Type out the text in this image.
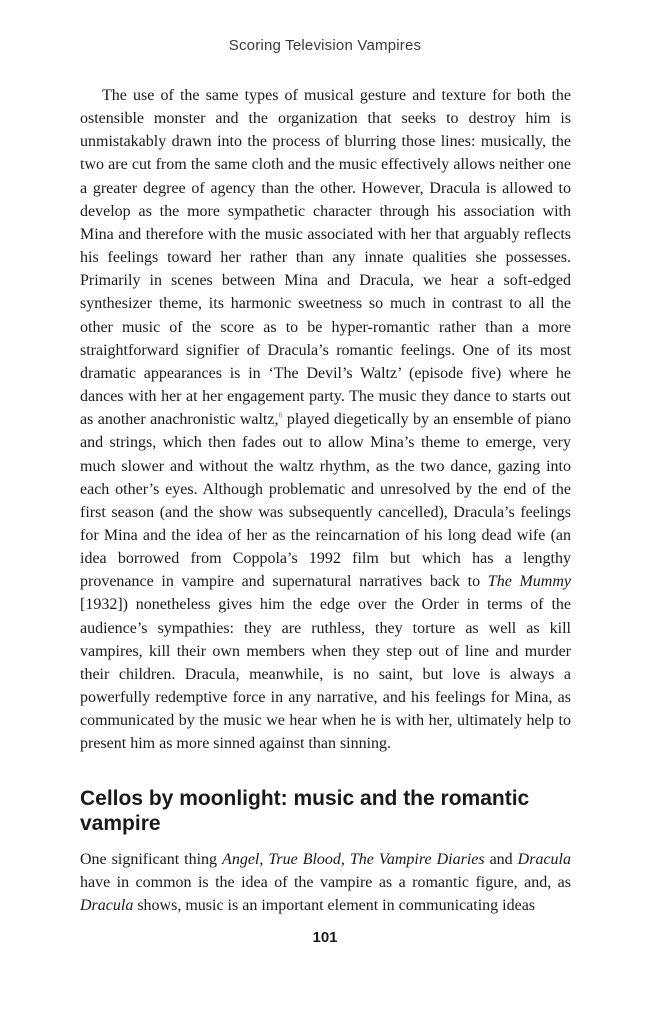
Scoring Television Vampires

The use of the same types of musical gesture and texture for both the ostensible monster and the organization that seeks to destroy him is unmistakably drawn into the process of blurring those lines: musically, the two are cut from the same cloth and the music effectively allows neither one a greater degree of agency than the other. However, Dracula is allowed to develop as the more sympathetic character through his association with Mina and therefore with the music associated with her that arguably reflects his feelings toward her rather than any innate qualities she possesses. Primarily in scenes between Mina and Dracula, we hear a soft-edged synthesizer theme, its harmonic sweetness so much in contrast to all the other music of the score as to be hyper-romantic rather than a more straightforward signifier of Dracula’s romantic feelings. One of its most dramatic appearances is in ‘The Devil’s Waltz’ (episode five) where he dances with her at her engagement party. The music they dance to starts out as another anachronistic waltz,$^6$ played diegetically by an ensemble of piano and strings, which then fades out to allow Mina’s theme to emerge, very much slower and without the waltz rhythm, as the two dance, gazing into each other’s eyes. Although problematic and unresolved by the end of the first season (and the show was subsequently cancelled), Dracula’s feelings for Mina and the idea of her as the reincarnation of his long dead wife (an idea borrowed from Coppola’s 1992 film but which has a lengthy provenance in vampire and supernatural narratives back to The Mummy [1932]) nonetheless gives him the edge over the Order in terms of the audience’s sympathies: they are ruthless, they torture as well as kill vampires, kill their own members when they step out of line and murder their children. Dracula, meanwhile, is no saint, but love is always a powerfully redemptive force in any narrative, and his feelings for Mina, as communicated by the music we hear when he is with her, ultimately help to present him as more sinned against than sinning.

Cellos by moonlight: music and the romantic vampire

One significant thing Angel, True Blood, The Vampire Diaries and Dracula have in common is the idea of the vampire as a romantic figure, and, as Dracula shows, music is an important element in communicating ideas

101
